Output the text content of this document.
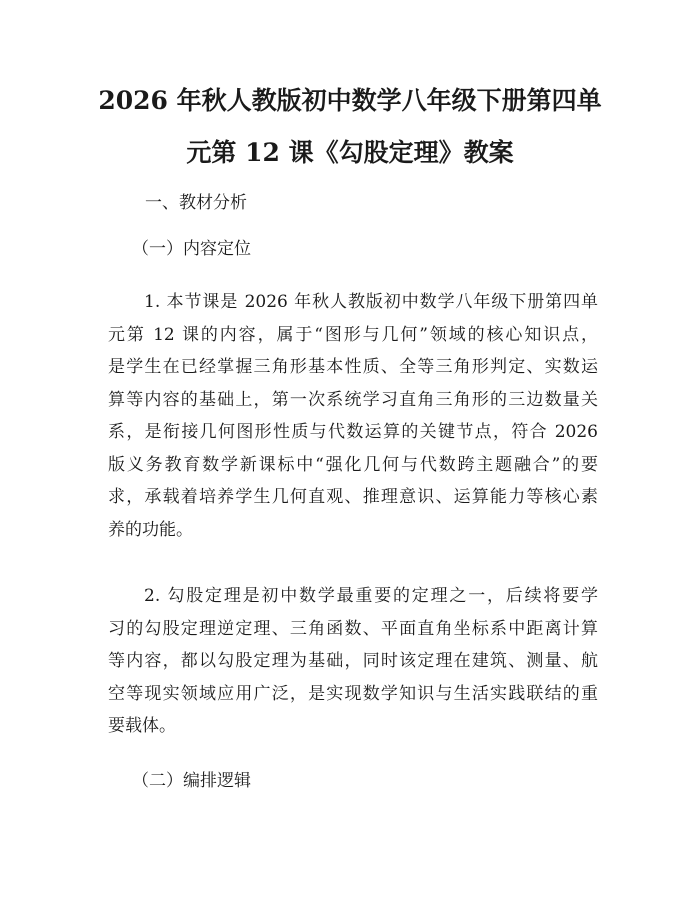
2026 年秋人教版初中数学八年级下册第四单
元第 12 课《勾股定理》教案

一、教材分析

（一）内容定位

1. 本节课是 2026 年秋人教版初中数学八年级下册第四单
元第 12 课的内容，属于“图形与几何”领域的核心知识点，
是学生在已经掌握三角形基本性质、全等三角形判定、实数运
算等内容的基础上，第一次系统学习直角三角形的三边数量关
系，是衔接几何图形性质与代数运算的关键节点，符合 2026
版义务教育数学新课标中“强化几何与代数跨主题融合”的要
求，承载着培养学生几何直观、推理意识、运算能力等核心素
养的功能。
2. 勾股定理是初中数学最重要的定理之一，后续将要学
习的勾股定理逆定理、三角函数、平面直角坐标系中距离计算
等内容，都以勾股定理为基础，同时该定理在建筑、测量、航
空等现实领域应用广泛，是实现数学知识与生活实践联结的重
要载体。

（二）编排逻辑
